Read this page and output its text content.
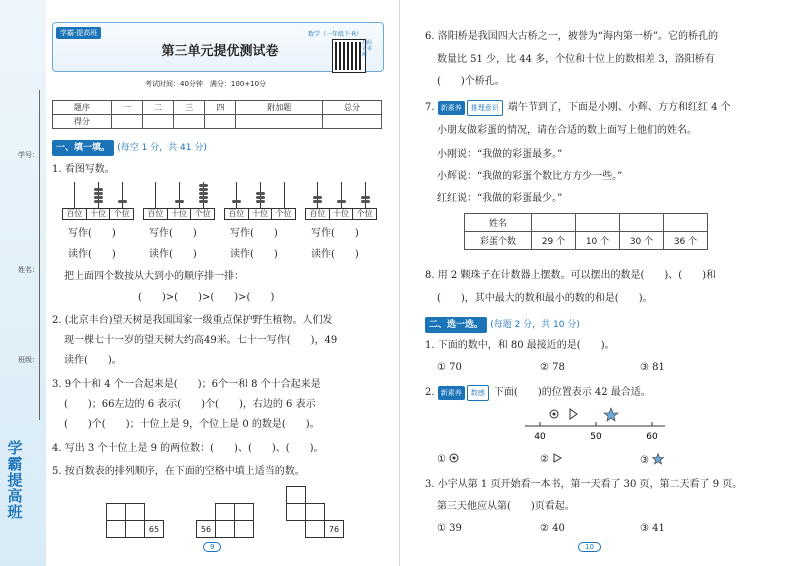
学号：
姓名：
班级：
学霸提高班
学霸·提高班	数学（一年级下·R）
第三单元提优测试卷
扫码看讲解
考试时间：40分钟　满分：100+10分
题序	一	二	三	四	附加题	总分
得分						
一、填一填。 (每空 1 分，共 41 分)
1. 看图写数。
百位 十位 个位	百位 十位 个位	百位 十位 个位	百位 十位 个位
写作(　　)	写作(　　)	写作(　　)	写作(　　)
读作(　　)	读作(　　)	读作(　　)	读作(　　)
把上面四个数按从大到小的顺序排一排：
(　　)>(　　)>(　　)>(　　)
2. (北京丰台)望天树是我国国家一级重点保护野生植物。人们发
现一棵七十一岁的望天树大约高49米。七十一写作(　　)，49
读作(　　)。
3. 9个十和 4 个一合起来是(　　)；6个一和 8 个十合起来是
(　　)；66左边的 6 表示(　　)个(　　)，右边的 6 表示
(　　)个(　　)；十位上是 9，个位上是 0 的数是(　　)。
4. 写出 3 个十位上是 9 的两位数：(　　)、(　　)、(　　)。
5. 按百数表的排列顺序，在下面的空格中填上适当的数。
65	56	76
9
6. 洛阳桥是我国四大古桥之一，被誉为“海内第一桥”。它的桥孔的
数量比 51 少，比 44 多，个位和十位上的数相差 3，洛阳桥有
(　　)个桥孔。
7. 新素养 推理意识 端午节到了，下面是小刚、小辉、方方和红红 4 个
小朋友做彩蛋的情况，请在合适的数上面写上他们的姓名。
小刚说：“我做的彩蛋最多。”
小辉说：“我做的彩蛋个数比方方少一些。”
红红说：“我做的彩蛋最少。”
姓名				
彩蛋个数	29 个	10 个	30 个	36 个
8. 用 2 颗珠子在计数器上摆数。可以摆出的数是(　　)、(　　)和
(　　)，其中最大的数和最小的数的和是(　　)。
二、选一选。 (每题 2 分，共 10 分)
1. 下面的数中，和 80 最接近的是(　　)。
① 70	② 78	③ 81
2. 新素养 数感 下面(　　)的位置表示 42 最合适。
40	50	60
①	②	③
3. 小宇从第 1 页开始看一本书，第一天看了 30 页，第二天看了 9 页。
第三天他应从第(　　)页看起。
① 39	② 40	③ 41
10
